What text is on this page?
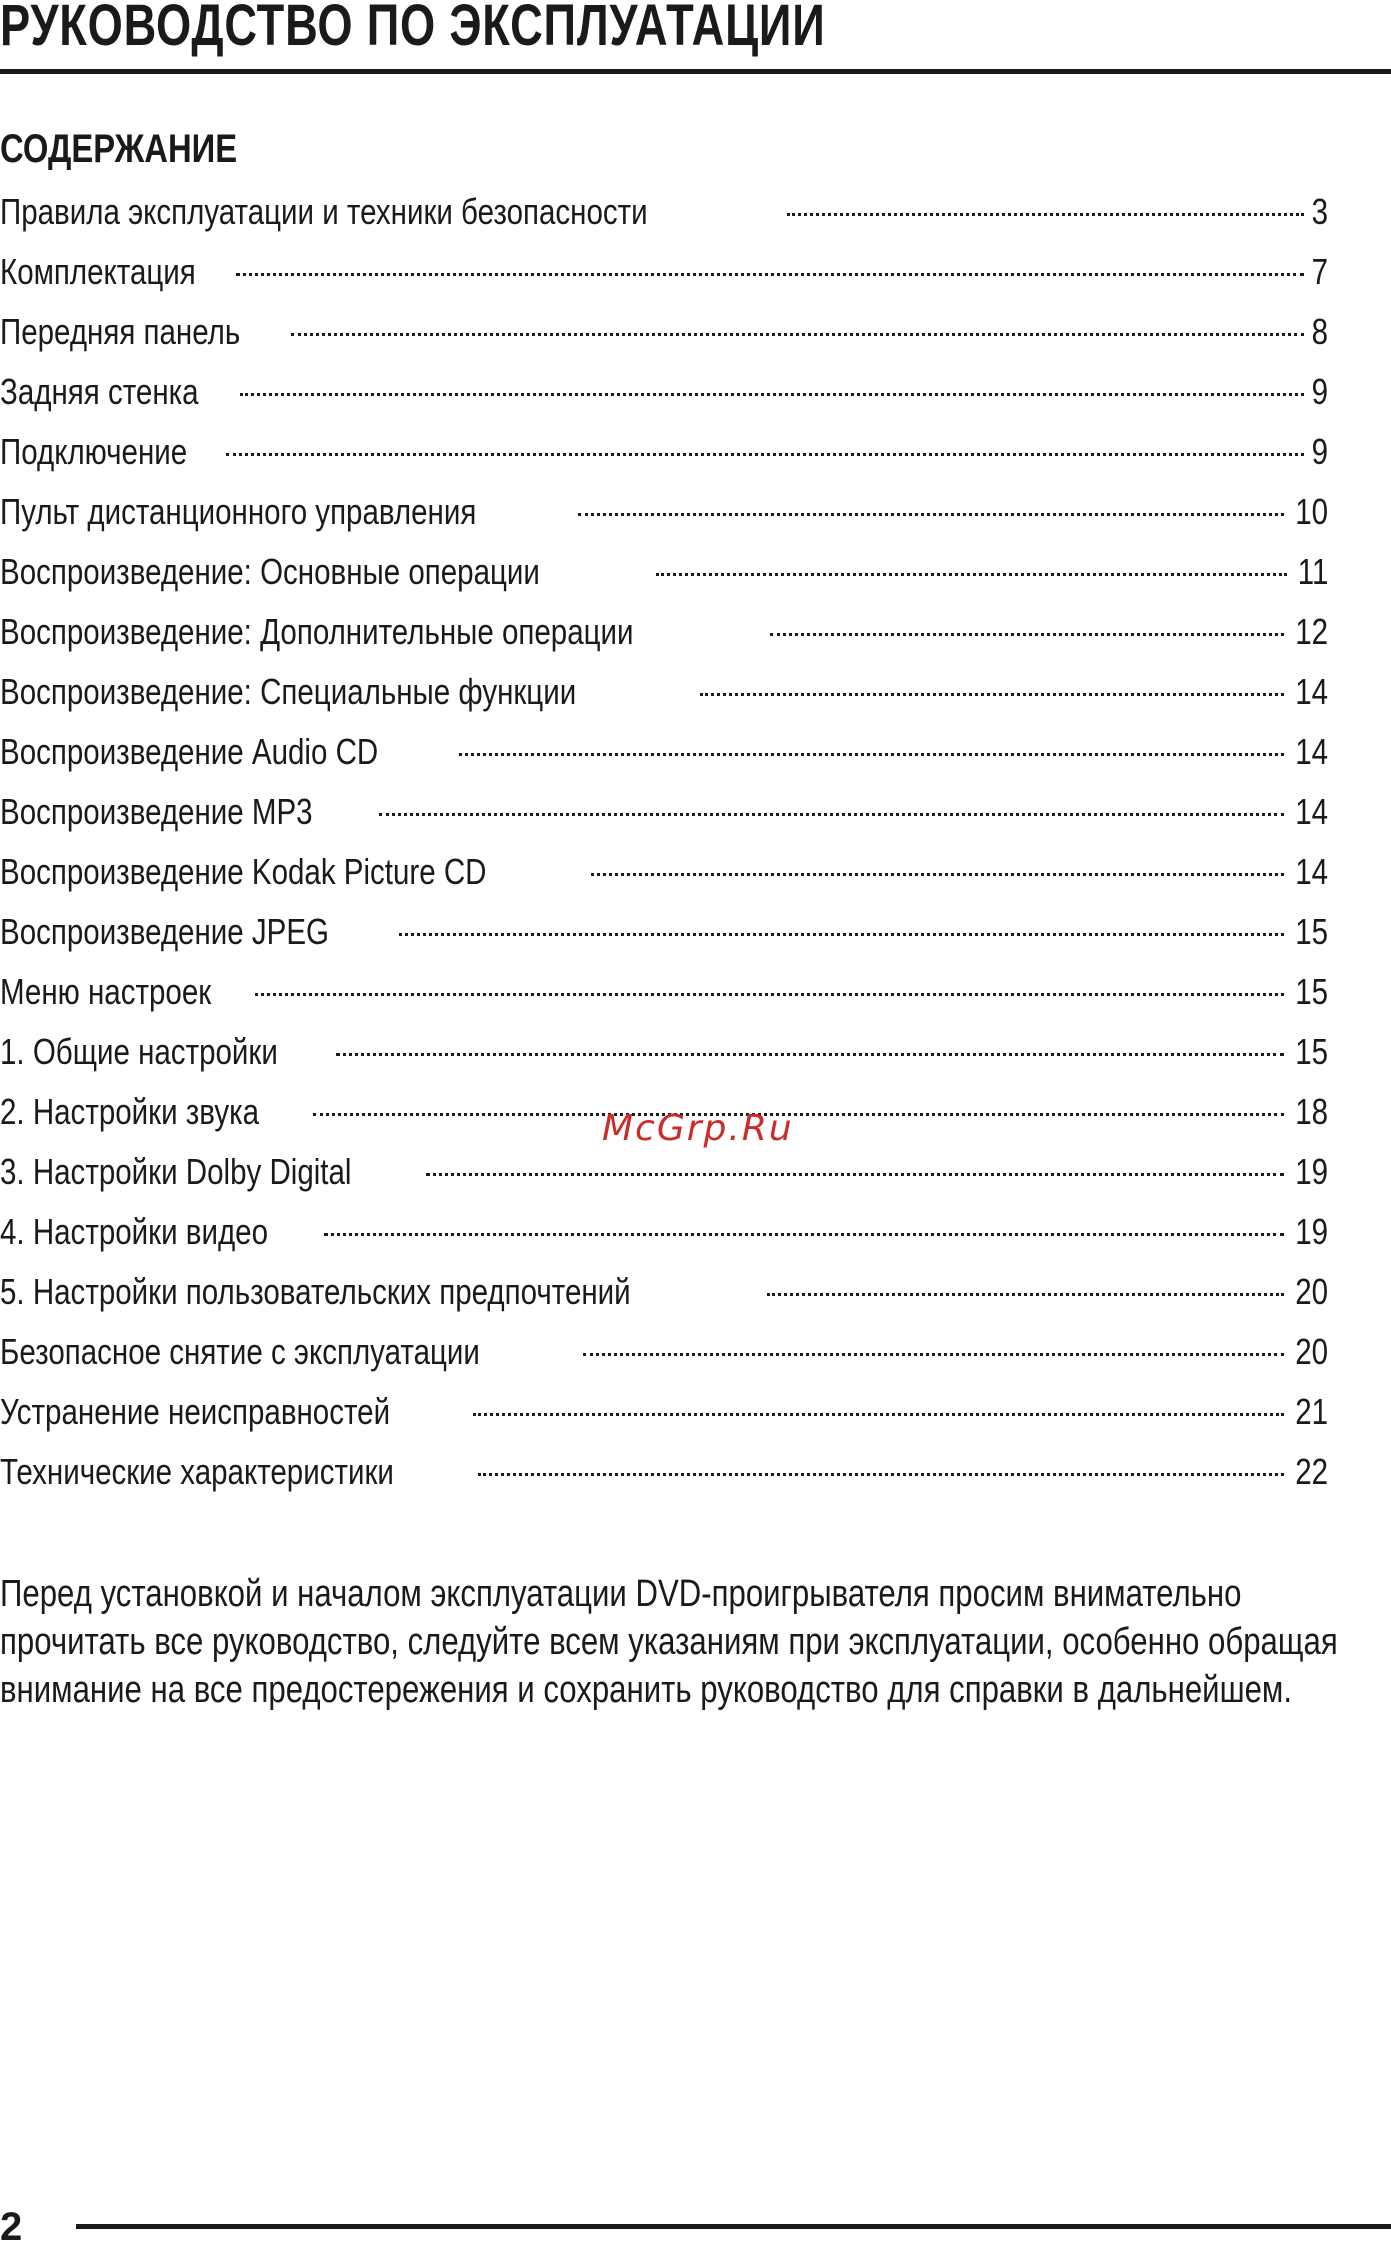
РУКОВОДСТВО ПО ЭКСПЛУАТАЦИИ
СОДЕРЖАНИЕ
Правила эксплуатации и техники безопасности	3
Комплектация	7
Передняя панель	8
Задняя стенка	9
Подключение	9
Пульт дистанционного управления	10
Воспроизведение: Основные операции	11
Воспроизведение: Дополнительные операции	12
Воспроизведение: Специальные функции	14
Воспроизведение Audio CD	14
Воспроизведение MP3	14
Воспроизведение Kodak Picture CD	14
Воспроизведение JPEG	15
Меню настроек	15
1. Общие настройки	15
2. Настройки звука	18
3. Настройки Dolby Digital	19
4. Настройки видео	19
5. Настройки пользовательских предпочтений	20
Безопасное снятие с эксплуатации	20
Устранение неисправностей	21
Технические характеристики	22
McGrp.Ru

Перед установкой и началом эксплуатации DVD-проигрывателя просим внимательно
прочитать все руководство, следуйте всем указаниям при эксплуатации, особенно обращая
внимание на все предостережения и сохранить руководство для справки в дальнейшем.

2
